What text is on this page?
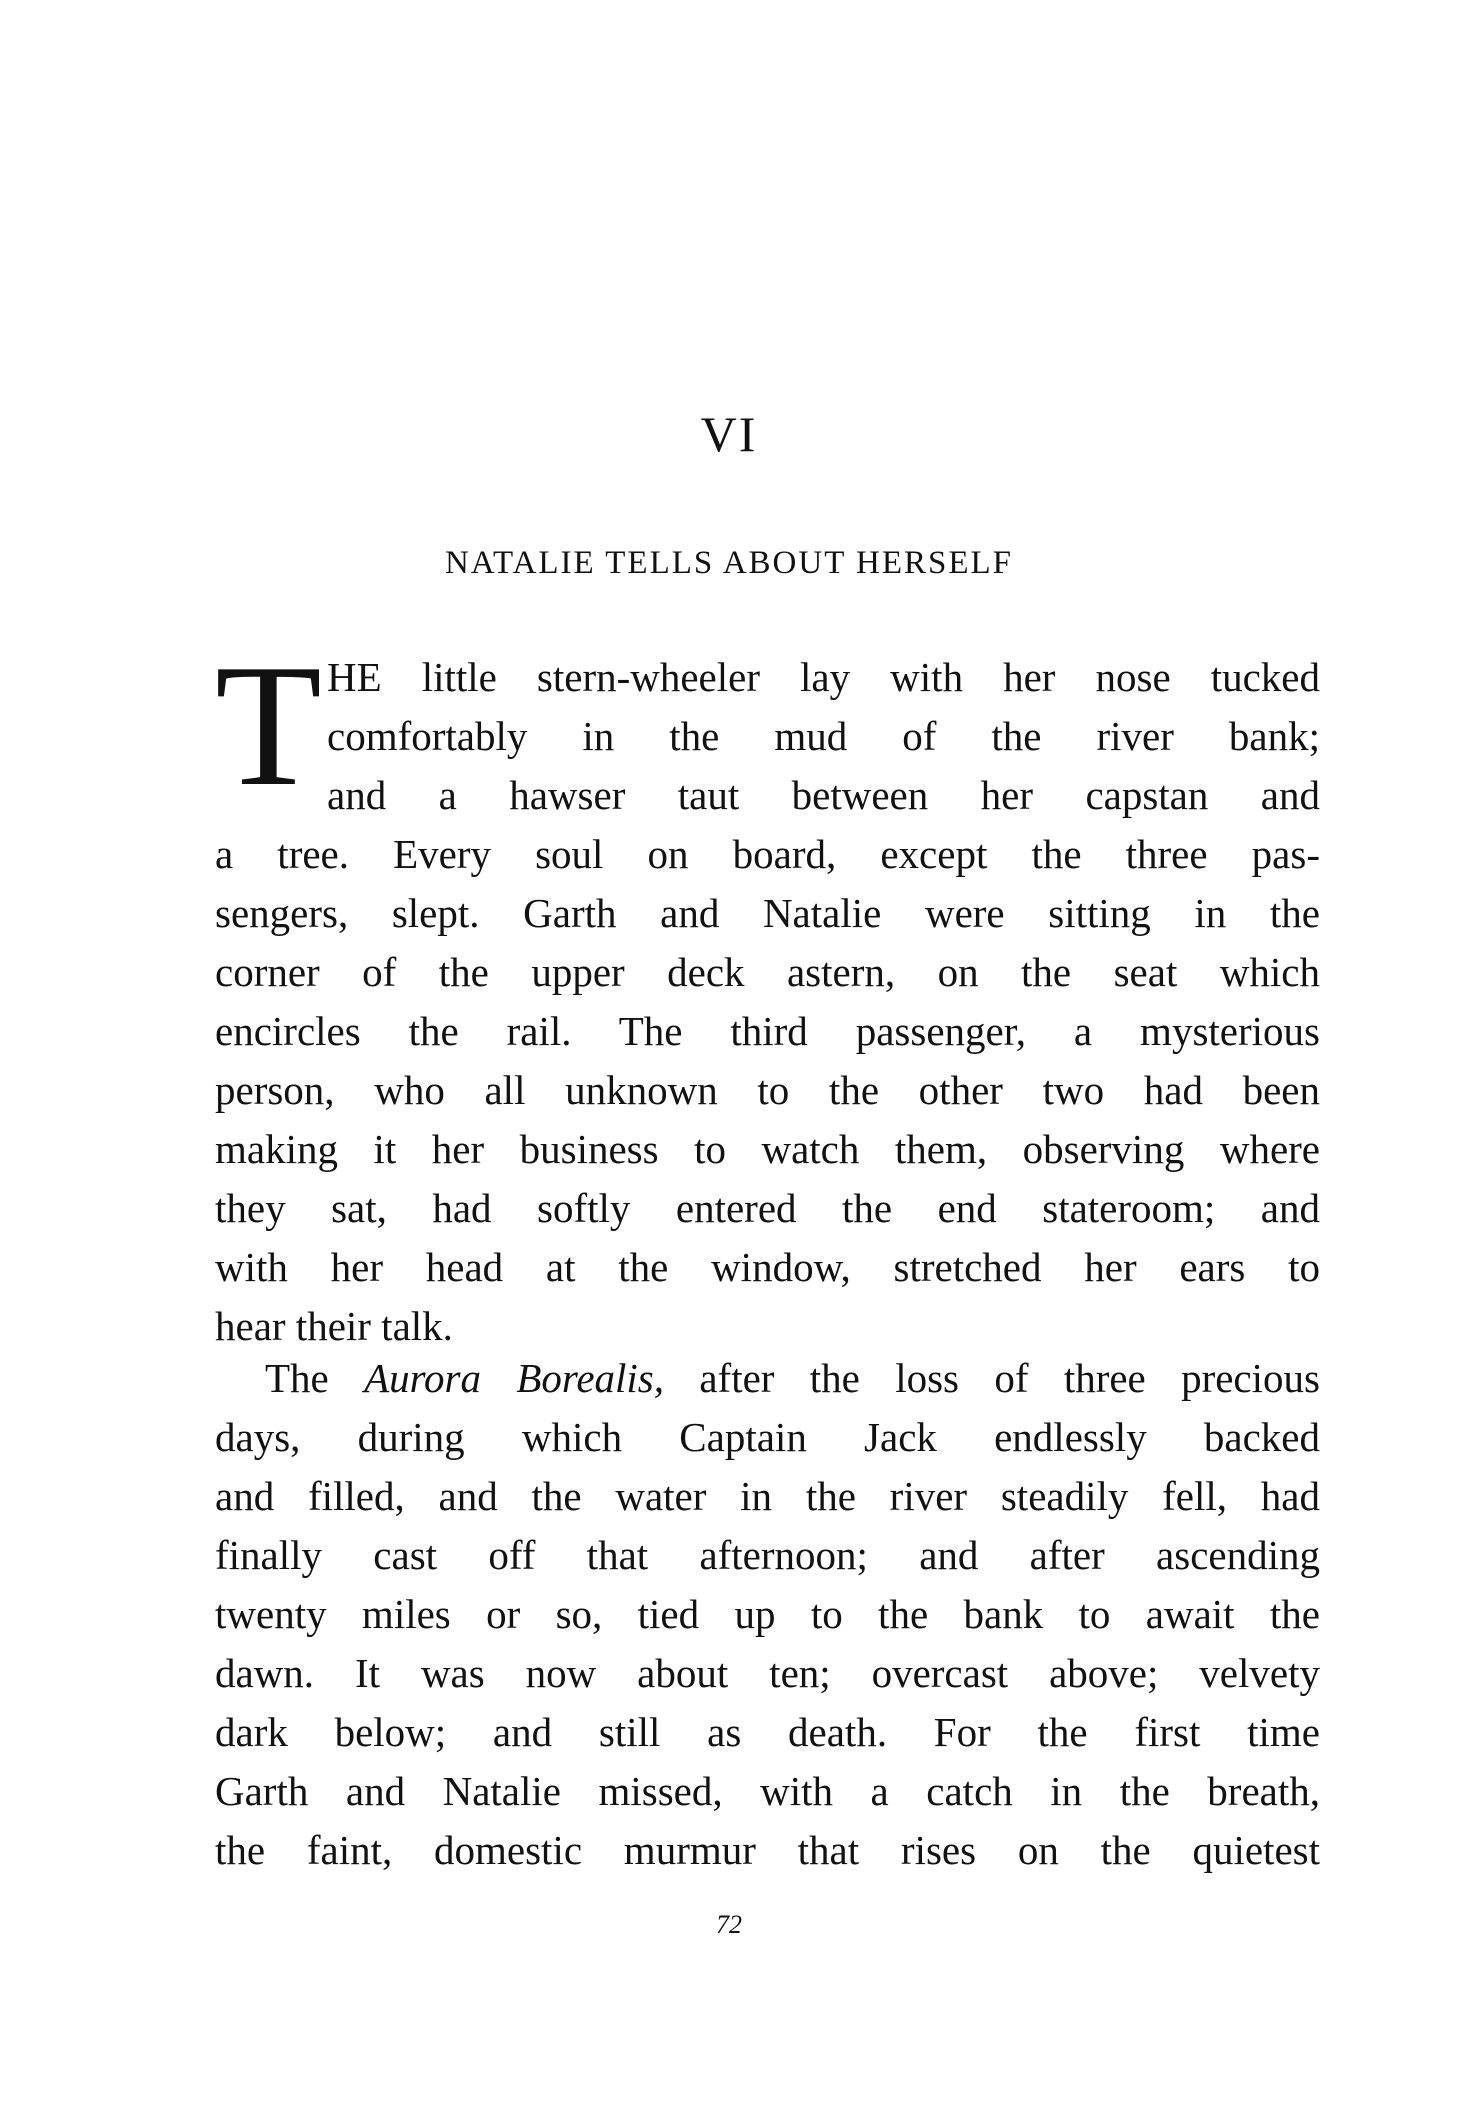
VI
NATALIE TELLS ABOUT HERSELF
T HE little stern-wheeler lay with her nose tucked
comfortably in the mud of the river bank;
and a hawser taut between her capstan and
a tree. Every soul on board, except the three pas-
sengers, slept. Garth and Natalie were sitting in the
corner of the upper deck astern, on the seat which
encircles the rail. The third passenger, a mysterious
person, who all unknown to the other two had been
making it her business to watch them, observing where
they sat, had softly entered the end stateroom; and
with her head at the window, stretched her ears to
hear their talk.
The Aurora Borealis, after the loss of three precious
days, during which Captain Jack endlessly backed
and filled, and the water in the river steadily fell, had
finally cast off that afternoon; and after ascending
twenty miles or so, tied up to the bank to await the
dawn. It was now about ten; overcast above; velvety
dark below; and still as death. For the first time
Garth and Natalie missed, with a catch in the breath,
the faint, domestic murmur that rises on the quietest
72
